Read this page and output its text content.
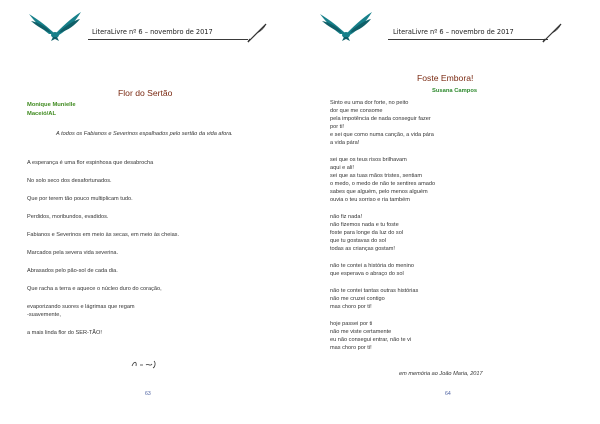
LiteraLivre nº 6 – novembro de 2017
Flor do Sertão
Monique Munielle
Maceió/AL
A todos os Fabianos e Severinos espalhados pelo sertão da vida afora.
A esperança é uma flor espinhosa que desabrocha
No solo seco dos desafortunados.
Que por terem tão pouco multiplicam tudo.
Perdidos, moribundos, evadidos.
Fabianos e Severinos em meio às secas, em meio às cheias.
Marcados pela severa vida severina.
Abrasados pelo pão-sol de cada dia.
Que racha a terra e aquece o núcleo duro do coração,
evaporizando suores e lágrimas que regam
-suavemente,
a mais linda flor do SER-TÃO!
63
LiteraLivre nº 6 – novembro de 2017
Foste Embora!
Susana Campos
Sinto eu uma dor forte, no peito
dor que me consome
pela impotência de nada conseguir fazer
por ti!
e sei que como numa canção, a vida pára
a vida pára!
sei que os teus risos brilhavam
aqui e ali!
sei que as tuas mãos tristes, sentiam
o medo, o medo de não te sentires amado
sabes que alguém, pelo menos alguém
ouvia o teu sorriso e ria também
não fiz nada!
não fizemos nada e tu foste
foste para longe da luz do sol
que tu gostavas do sol
todas as crianças gostam!
não te contei a história do menino
que esperava o abraço do sol
não te contei tantas outras histórias
não me cruzei contigo
mas choro por ti!
hoje passei por ti
não me viste certamente
eu não consegui entrar, não te vi
mas choro por ti!
em memória ao João Maria, 2017
64
